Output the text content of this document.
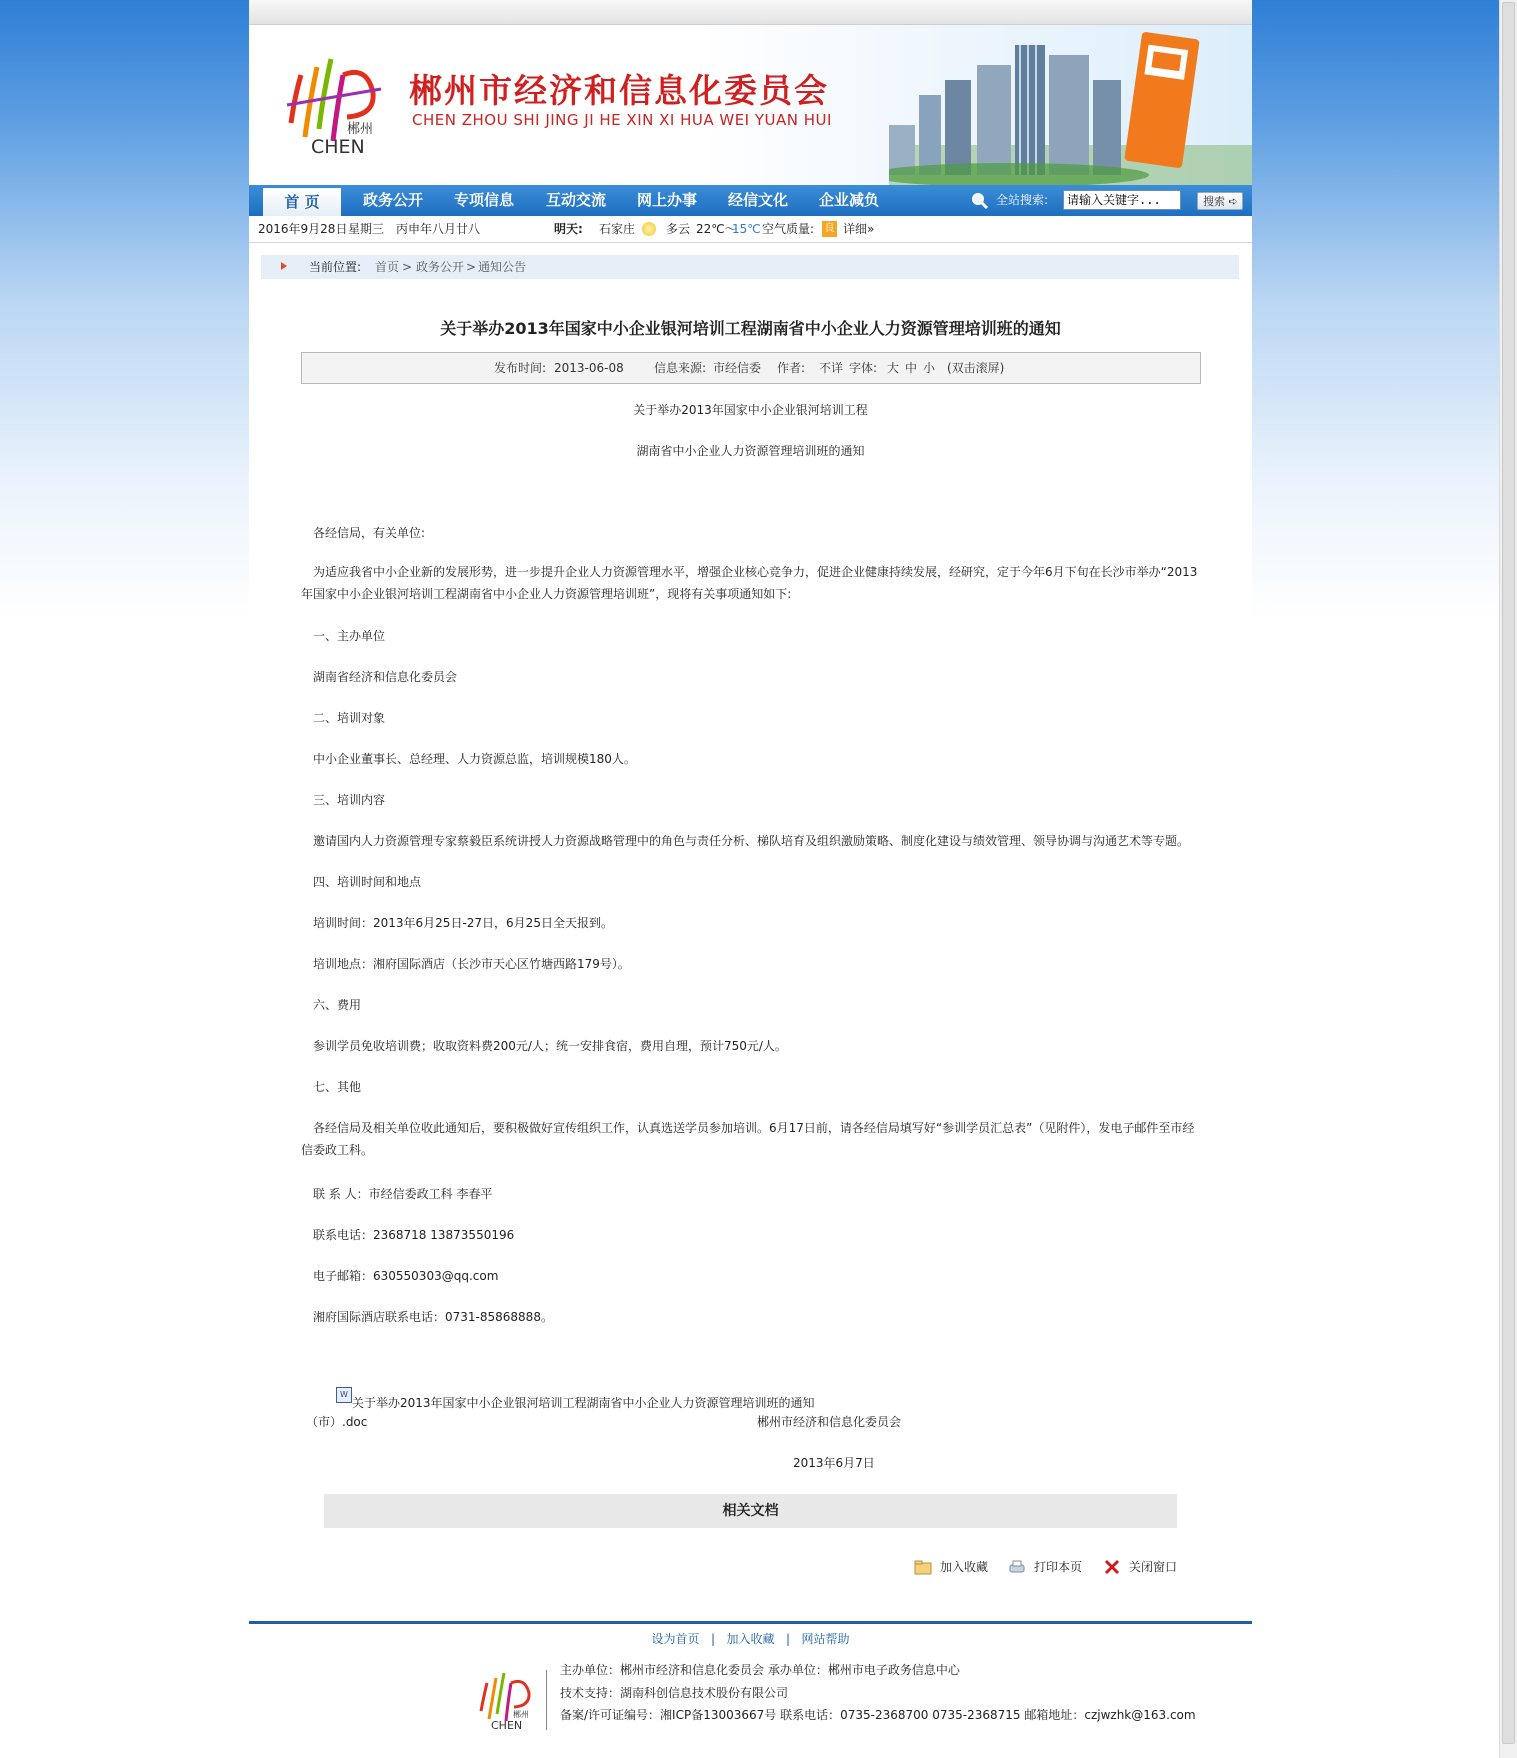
郴州
CHEN
郴州市经济和信息化委员会
CHEN ZHOU SHI JING JI HE XIN XI HUA WEI YUAN HUI
首 页	政务公开 专项信息 互动交流 网上办事 经信文化 企业减负	全站搜索:	请输入关键字...	搜索 ➪
2016年9月28日 星期三 丙申年八月廿八	明天: 石家庄	多云 22℃～
15℃ 空气质量: 良 详细»
当前位置: 首页 > 政务公开 > 通知公告
关于举办2013年国家中小企业银河培训工程湖南省中小企业人力资源管理培训班的通知
发布时间: 2013-06-08	信息来源: 市经信委 作者: 不详 字体: 大 中 小 (双击滚屏)
关于举办2013年国家中小企业银河培训工程
湖南省中小企业人力资源管理培训班的通知
各经信局，有关单位:
为适应我省中小企业新的发展形势，进一步提升企业人力资源管理水平，增强企业核心竞争力，促进企业健康持续发展，经研究，定于今年6月下旬在长沙市举办“2013年国家中小企业银河培训工程湖南省中小企业人力资源管理培训班”，现将有关事项通知如下:
一、主办单位
湖南省经济和信息化委员会
二、培训对象
中小企业董事长、总经理、人力资源总监，培训规模180人。
三、培训内容
邀请国内人力资源管理专家蔡毅臣系统讲授人力资源战略管理中的角色与责任分析、梯队培育及组织激励策略、制度化建设与绩效管理、领导协调与沟通艺术等专题。
四、培训时间和地点
培训时间：2013年6月25日-27日，6月25日全天报到。
培训地点：湘府国际酒店（长沙市天心区竹塘西路179号）。
六、费用
参训学员免收培训费；收取资料费200元/人；统一安排食宿，费用自理，预计750元/人。
七、其他
各经信局及相关单位收此通知后，要积极做好宣传组织工作，认真选送学员参加培训。6月17日前，请各经信局填写好“参训学员汇总表”（见附件），发电子邮件至市经信委政工科。
联 系 人：市经信委政工科 李春平
联系电话：2368718 13873550196
电子邮箱：630550303@qq.com
湘府国际酒店联系电话：0731-85868888。
W
关于举办2013年国家中小企业银河培训工程湖南省中小企业人力资源管理培训班的通知
（市）.doc	郴州市经济和信息化委员会
2013年6月7日
相关文档
加入收藏	打印本页	关闭窗口
设为首页 | 加入收藏 | 网站帮助
郴州
CHEN
主办单位：郴州市经济和信息化委员会 承办单位：郴州市电子政务信息中心
技术支持：湖南科创信息技术股份有限公司
备案/许可证编号：湘ICP备13003667号 联系电话：0735-2368700 0735-2368715 邮箱地址：czjwzhk@163.com
